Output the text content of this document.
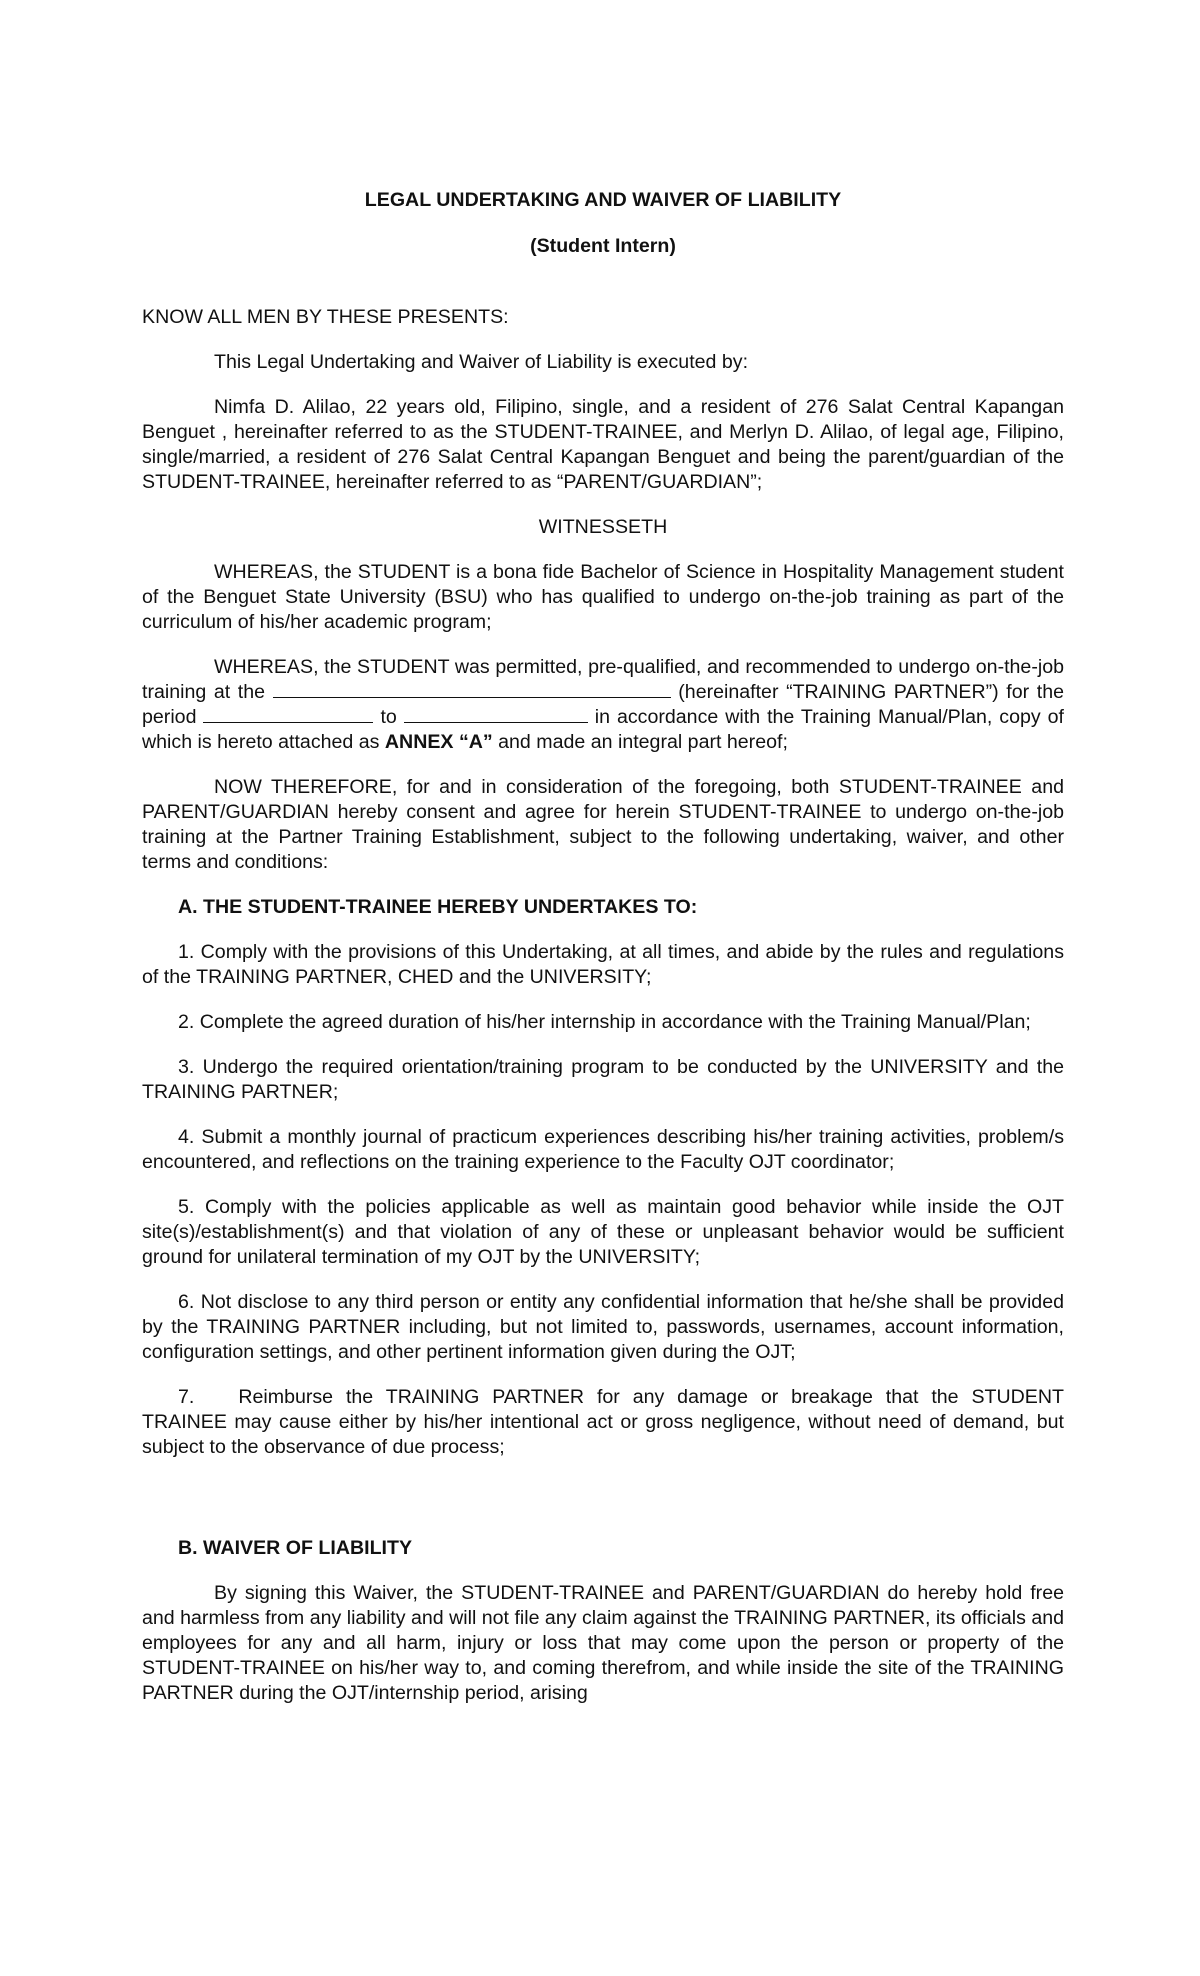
LEGAL UNDERTAKING AND WAIVER OF LIABILITY
(Student Intern)

KNOW ALL MEN BY THESE PRESENTS:

This Legal Undertaking and Waiver of Liability is executed by:

Nimfa D. Alilao, 22 years old, Filipino, single, and a resident of 276 Salat Central Kapangan Benguet , hereinafter referred to as the STUDENT-TRAINEE, and Merlyn D. Alilao, of legal age, Filipino, single/married, a resident of 276 Salat Central Kapangan Benguet and being the parent/guardian of the STUDENT-TRAINEE, hereinafter referred to as “PARENT/GUARDIAN”;

WITNESSETH

WHEREAS, the STUDENT is a bona fide Bachelor of Science in Hospitality Management student of the Benguet State University (BSU) who has qualified to undergo on-the-job training as part of the curriculum of his/her academic program;

WHEREAS, the STUDENT was permitted, pre-qualified, and recommended to undergo on-the-job training at the	(hereinafter “TRAINING PARTNER”) for the period	to	in accordance with the Training Manual/Plan, copy of which is hereto attached as ANNEX “A” and made an integral part hereof;

NOW THEREFORE, for and in consideration of the foregoing, both STUDENT-TRAINEE and PARENT/GUARDIAN hereby consent and agree for herein STUDENT-TRAINEE to undergo on-the-job training at the Partner Training Establishment, subject to the following undertaking, waiver, and other terms and conditions:

A. THE STUDENT-TRAINEE HEREBY UNDERTAKES TO:

1. Comply with the provisions of this Undertaking, at all times, and abide by the rules and regulations of the TRAINING PARTNER, CHED and the UNIVERSITY;

2. Complete the agreed duration of his/her internship in accordance with the Training Manual/Plan;

3. Undergo the required orientation/training program to be conducted by the UNIVERSITY and the TRAINING PARTNER;

4. Submit a monthly journal of practicum experiences describing his/her training activities, problem/s encountered, and reflections on the training experience to the Faculty OJT coordinator;

5. Comply with the policies applicable as well as maintain good behavior while inside the OJT site(s)/establishment(s) and that violation of any of these or unpleasant behavior would be sufficient ground for unilateral termination of my OJT by the UNIVERSITY;

6. Not disclose to any third person or entity any confidential information that he/she shall be provided by the TRAINING PARTNER including, but not limited to, passwords, usernames, account information, configuration settings, and other pertinent information given during the OJT;

7. Reimburse the TRAINING PARTNER for any damage or breakage that the STUDENT TRAINEE may cause either by his/her intentional act or gross negligence, without need of demand, but subject to the observance of due process;

B. WAIVER OF LIABILITY

By signing this Waiver, the STUDENT-TRAINEE and PARENT/GUARDIAN do hereby hold free and harmless from any liability and will not file any claim against the TRAINING PARTNER, its officials and employees for any and all harm, injury or loss that may come upon the person or property of the STUDENT-TRAINEE on his/her way to, and coming therefrom, and while inside the site of the TRAINING PARTNER during the OJT/internship period, arising
